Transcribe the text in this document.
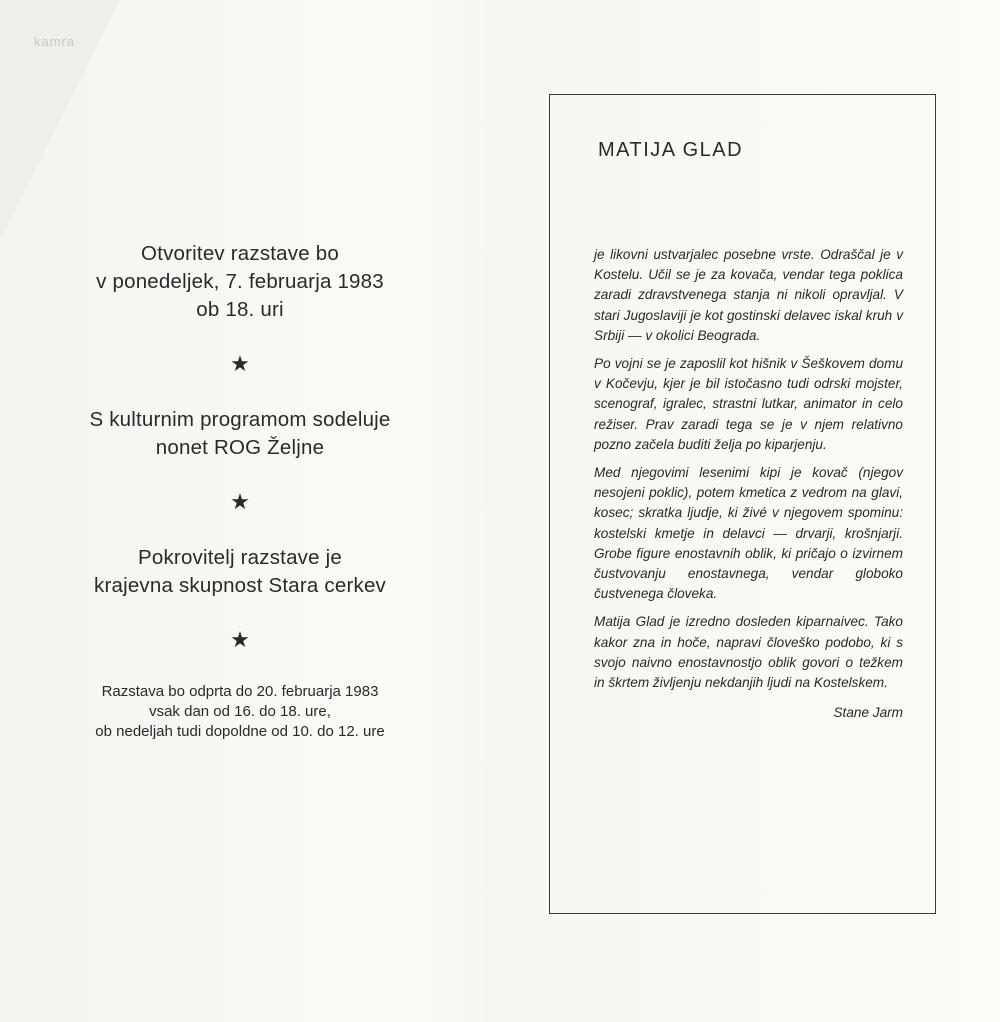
kamra
Otvoritev razstave bo
v ponedeljek, 7. februarja 1983
ob 18. uri
★
S kulturnim programom sodeluje
nonet ROG Željne
★
Pokrovitelj razstave je
krajevna skupnost Stara cerkev
★
Razstava bo odprta do 20. februarja 1983
vsak dan od 16. do 18. ure,
ob nedeljah tudi dopoldne od 10. do 12. ure
MATIJA GLAD

je likovni ustvarjalec posebne vrste. Odraščal je v Kostelu. Učil se je za kovača, vendar tega poklica zaradi zdravstvenega stanja ni nikoli opravljal. V stari Jugoslaviji je kot gostinski delavec iskal kruh v Srbiji — v okolici Beograda.

Po vojni se je zaposlil kot hišnik v Šeškovem domu v Kočevju, kjer je bil istočasno tudi odrski mojster, scenograf, igralec, strastni lutkar, animator in celo režiser. Prav zaradi tega se je v njem relativno pozno začela buditi želja po kiparjenju.

Med njegovimi lesenimi kipi je kovač (njegov nesojeni poklic), potem kmetica z vedrom na glavi, kosec; skratka ljudje, ki živé v njegovem spominu: kostelski kmetje in delavci — drvarji, krošnjarji. Grobe figure enostavnih oblik, ki pričajo o izvirnem čustvovanju enostavnega, vendar globoko čustvenega človeka.

Matija Glad je izredno dosleden kiparnaivec. Tako kakor zna in hoče, napravi človeško podobo, ki s svojo naivno enostavnostjo oblik govori o težkem in škrtem življenju nekdanjih ljudi na Kostelskem.

Stane Jarm
